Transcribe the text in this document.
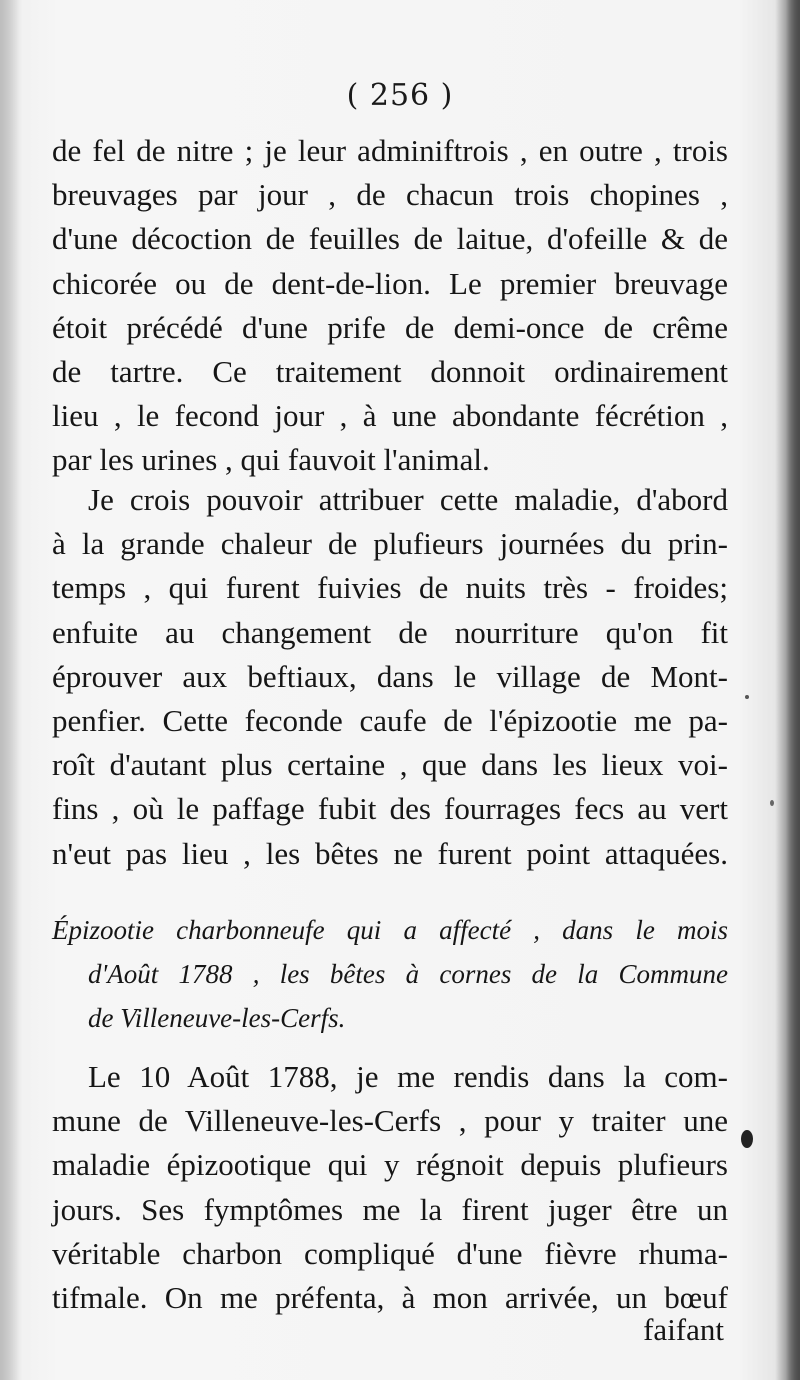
( 256 )
de fel de nitre ; je leur adminiftrois , en outre , trois
breuvages par jour , de chacun trois chopines ,
d'une décoction de feuilles de laitue, d'ofeille & de
chicorée ou de dent-de-lion. Le premier breuvage
étoit précédé d'une prife de demi-once de crême
de tartre. Ce traitement donnoit ordinairement
lieu , le fecond jour , à une abondante fécrétion ,
par les urines , qui fauvoit l'animal.
Je crois pouvoir attribuer cette maladie, d'abord
à la grande chaleur de plufieurs journées du prin-
temps , qui furent fuivies de nuits très - froides;
enfuite au changement de nourriture qu'on fit
éprouver aux beftiaux, dans le village de Mont-
penfier. Cette feconde caufe de l'épizootie me pa-
roît d'autant plus certaine , que dans les lieux voi-
fins , où le paffage fubit des fourrages fecs au vert
n'eut pas lieu , les bêtes ne furent point attaquées.
Épizootie charbonneufe qui a affecté , dans le mois
d'Août 1788 , les bêtes à cornes de la Commune
de Villeneuve-les-Cerfs.
Le 10 Août 1788, je me rendis dans la com-
mune de Villeneuve-les-Cerfs , pour y traiter une
maladie épizootique qui y régnoit depuis plufieurs
jours. Ses fymptômes me la firent juger être un
véritable charbon compliqué d'une fièvre rhuma-
tifmale. On me préfenta, à mon arrivée, un bœuf
faifant
